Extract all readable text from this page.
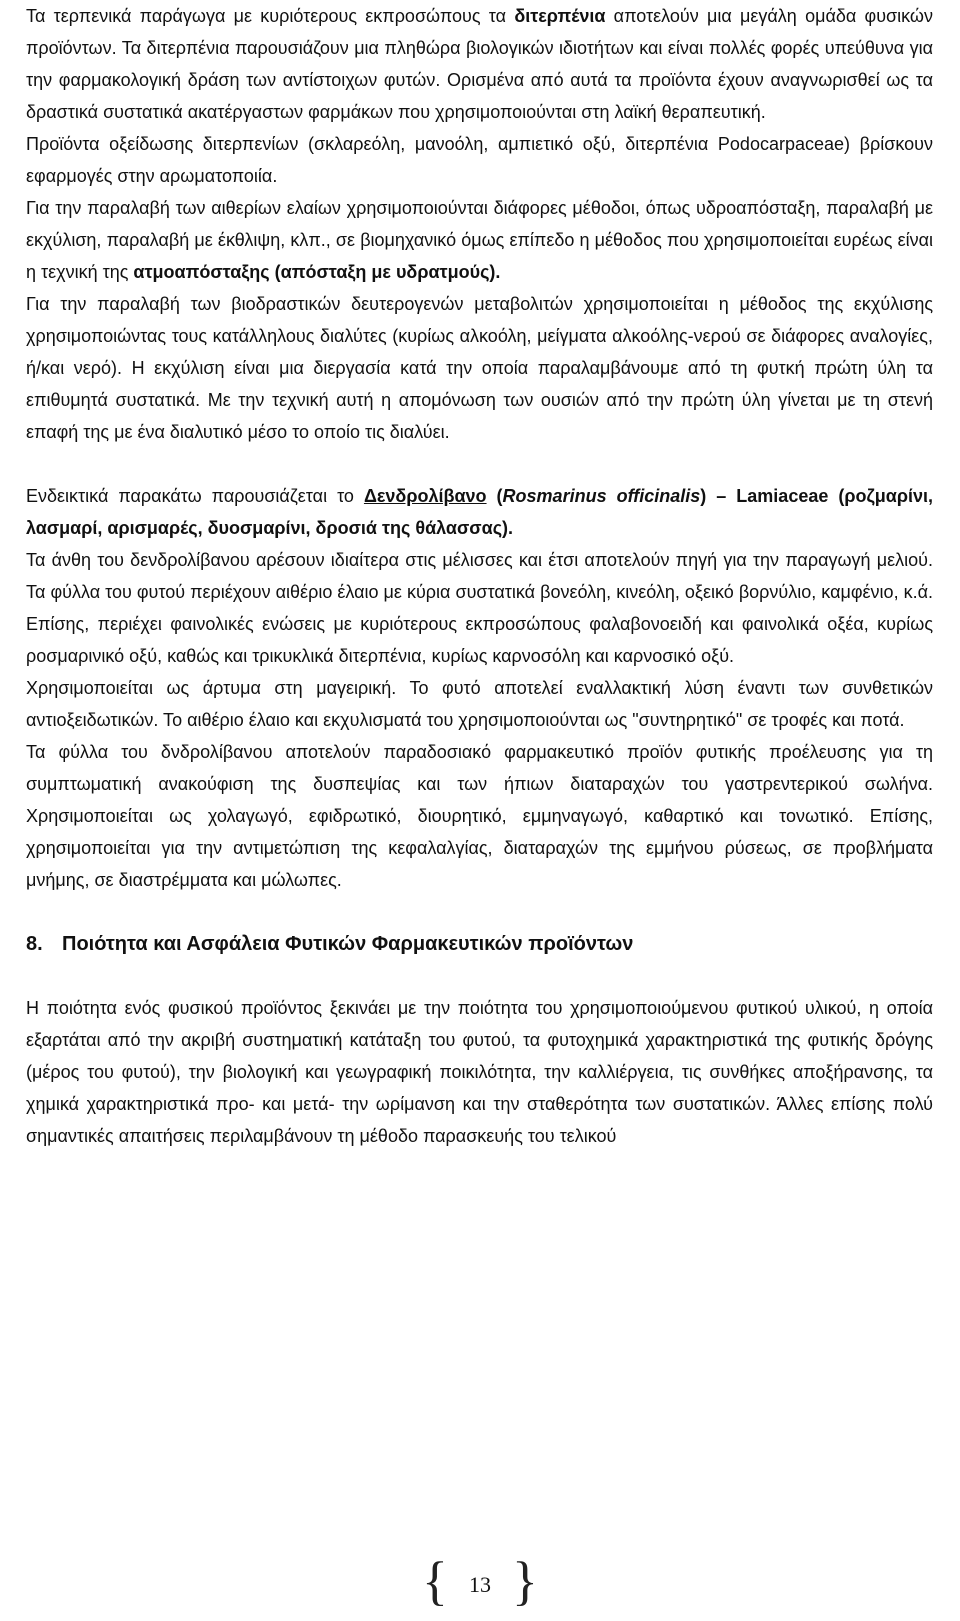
Τα τερπενικά παράγωγα με κυριότερους εκπροσώπους τα διτερπένια αποτελούν μια μεγάλη ομάδα φυσικών προϊόντων. Τα διτερπένια παρουσιάζουν μια πληθώρα βιολογικών ιδιοτήτων και είναι πολλές φορές υπεύθυνα για την φαρμακολογική δράση των αντίστοιχων φυτών. Ορισμένα από αυτά τα προϊόντα έχουν αναγνωρισθεί ως τα δραστικά συστατικά ακατέργαστων φαρμάκων που χρησιμοποιούνται στη λαϊκή θεραπευτική.

Προϊόντα οξείδωσης διτερπενίων (σκλαρεόλη, μανοόλη, αμπιετικό οξύ, διτερπένια Podocarpaceae) βρίσκουν εφαρμογές στην αρωματοποιία.

Για την παραλαβή των αιθερίων ελαίων χρησιμοποιούνται διάφορες μέθοδοι, όπως υδροαπόσταξη, παραλαβή με εκχύλιση, παραλαβή με έκθλιψη, κλπ., σε βιομηχανικό όμως επίπεδο η μέθοδος που χρησιμοποιείται ευρέως είναι η τεχνική της ατμοαπόσταξης (απόσταξη με υδρατμούς).

Για την παραλαβή των βιοδραστικών δευτερογενών μεταβολιτών χρησιμοποιείται η μέθοδος της εκχύλισης χρησιμοποιώντας τους κατάλληλους διαλύτες (κυρίως αλκοόλη, μείγματα αλκοόλης-νερού σε διάφορες αναλογίες, ή/και νερό). Η εκχύλιση είναι μια διεργασία κατά την οποία παραλαμβάνουμε από τη φυτκή πρώτη ύλη τα επιθυμητά συστατικά. Με την τεχνική αυτή η απομόνωση των ουσιών από την πρώτη ύλη γίνεται με τη στενή επαφή της με ένα διαλυτικό μέσο το οποίο τις διαλύει.

Ενδεικτικά παρακάτω παρουσιάζεται το Δενδρολίβανο (Rosmarinus officinalis) – Lamiaceae (ροζμαρίνι, λασμαρί, αρισμαρές, δυοσμαρίνι, δροσιά της θάλασσας).

Τα άνθη του δενδρολίβανου αρέσουν ιδιαίτερα στις μέλισσες και έτσι αποτελούν πηγή για την παραγωγή μελιού. Τα φύλλα του φυτού περιέχουν αιθέριο έλαιο με κύρια συστατικά βονεόλη, κινεόλη, οξεικό βορνύλιο, καμφένιο, κ.ά. Επίσης, περιέχει φαινολικές ενώσεις με κυριότερους εκπροσώπους φαλαβονοειδή και φαινολικά οξέα, κυρίως ροσμαρινικό οξύ, καθώς και τρικυκλικά διτερπένια, κυρίως καρνοσόλη και καρνοσικό οξύ.

Χρησιμοποιείται ως άρτυμα στη μαγειρική. Το φυτό αποτελεί εναλλακτική λύση έναντι των συνθετικών αντιοξειδωτικών. Το αιθέριο έλαιο και εκχυλισματά του χρησιμοποιούνται ως "συντηρητικό" σε τροφές και ποτά.

Τα φύλλα του δνδρολίβανου αποτελούν παραδοσιακό φαρμακευτικό προϊόν φυτικής προέλευσης για τη συμπτωματική ανακούφιση της δυσπεψίας και των ήπιων διαταραχών του γαστρεντερικού σωλήνα. Χρησιμοποιείται ως χολαγωγό, εφιδρωτικό, διουρητικό, εμμηναγωγό, καθαρτικό και τονωτικό. Επίσης, χρησιμοποιείται για την αντιμετώπιση της κεφαλαλγίας, διαταραχών της εμμήνου ρύσεως, σε προβλήματα μνήμης, σε διαστρέμματα και μώλωπες.

8. Ποιότητα και Ασφάλεια Φυτικών Φαρμακευτικών προϊόντων

Η ποιότητα ενός φυσικού προϊόντος ξεκινάει με την ποιότητα του χρησιμοποιούμενου φυτικού υλικού, η οποία εξαρτάται από την ακριβή συστηματική κατάταξη του φυτού, τα φυτοχημικά χαρακτηριστικά της φυτικής δρόγης (μέρος του φυτού), την βιολογική και γεωγραφική ποικιλότητα, την καλλιέργεια, τις συνθήκες αποξήρανσης, τα χημικά χαρακτηριστικά προ- και μετά- την ωρίμανση και την σταθερότητα των συστατικών. Άλλες επίσης πολύ σημαντικές απαιτήσεις περιλαμβάνουν τη μέθοδο παρασκευής του τελικού

{ 13 }
